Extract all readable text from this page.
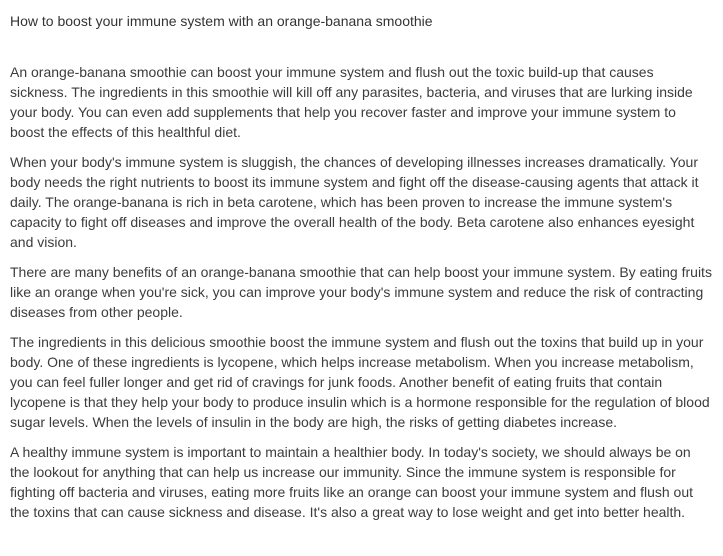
How to boost your immune system with an orange-banana smoothie

An orange-banana smoothie can boost your immune system and flush out the toxic build-up that causes sickness. The ingredients in this smoothie will kill off any parasites, bacteria, and viruses that are lurking inside your body. You can even add supplements that help you recover faster and improve your immune system to boost the effects of this healthful diet.

When your body's immune system is sluggish, the chances of developing illnesses increases dramatically. Your body needs the right nutrients to boost its immune system and fight off the disease-causing agents that attack it daily. The orange-banana is rich in beta carotene, which has been proven to increase the immune system's capacity to fight off diseases and improve the overall health of the body. Beta carotene also enhances eyesight and vision.

There are many benefits of an orange-banana smoothie that can help boost your immune system. By eating fruits like an orange when you're sick, you can improve your body's immune system and reduce the risk of contracting diseases from other people.

The ingredients in this delicious smoothie boost the immune system and flush out the toxins that build up in your body. One of these ingredients is lycopene, which helps increase metabolism. When you increase metabolism, you can feel fuller longer and get rid of cravings for junk foods. Another benefit of eating fruits that contain lycopene is that they help your body to produce insulin which is a hormone responsible for the regulation of blood sugar levels. When the levels of insulin in the body are high, the risks of getting diabetes increase.

A healthy immune system is important to maintain a healthier body. In today's society, we should always be on the lookout for anything that can help us increase our immunity. Since the immune system is responsible for fighting off bacteria and viruses, eating more fruits like an orange can boost your immune system and flush out the toxins that can cause sickness and disease. It's also a great way to lose weight and get into better health.
